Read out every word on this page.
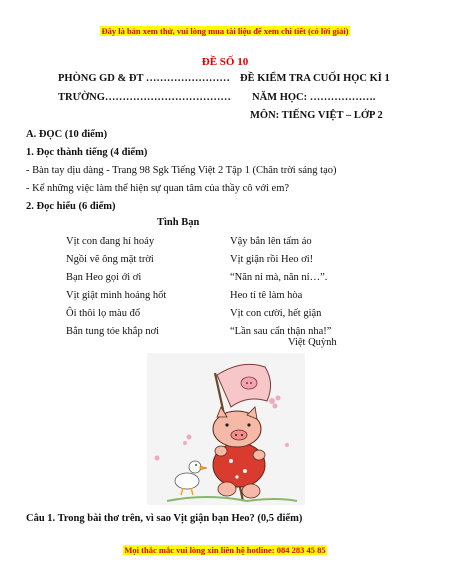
Đây là bản xem thử, vui lòng mua tài liệu để xem chi tiết (có lời giải)
ĐỀ SỐ 10
PHÒNG GD & ĐT …………………… ĐỀ KIỂM TRA CUỐI HỌC KÌ 1
TRƯỜNG……………………………… NĂM HỌC: ……………….
MÔN: TIẾNG VIỆT – LỚP 2
A. ĐỌC (10 điểm)
1. Đọc thành tiếng (4 điểm)
- Bàn tay dịu dàng - Trang 98 Sgk Tiếng Việt 2 Tập 1 (Chân trời sáng tạo)
- Kể những việc làm thể hiện sự quan tâm của thầy cô với em?
2. Đọc hiểu (6 điểm)
Tình Bạn
Vịt con đang hí hoáy
Ngồi vẽ ông mặt trời
Bạn Heo gọi ới ơi
Vịt giật mình hoảng hốt
Ôi thôi lọ màu đổ
Bắn tung tóe khắp nơi
Vậy bắn lên tấm áo
Vịt giận rồi Heo ơi!
“Năn nỉ mà, năn nỉ…”.
Heo tí tê làm hòa
Vịt con cười, hết giận
“Lần sau cẩn thận nha!”
Việt Quỳnh
Câu 1. Trong bài thơ trên, vì sao Vịt giận bạn Heo? (0,5 điểm)
Mọi thắc mắc vui lòng xin liên hệ hotline: 084 283 45 85
